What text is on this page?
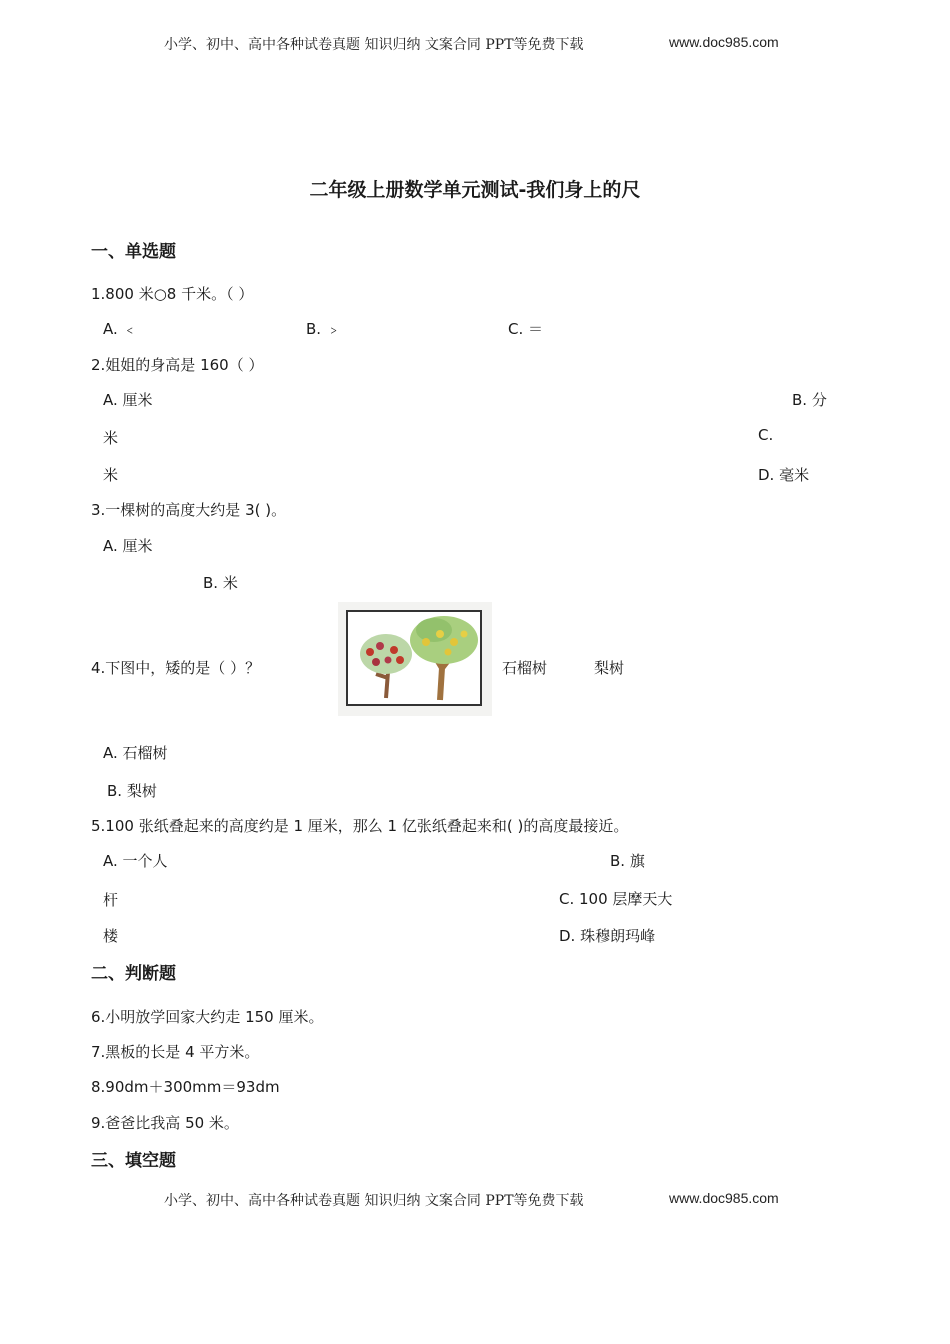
小学、初中、高中各种试卷真题 知识归纳 文案合同 PPT等免费下载	www.doc985.com
二年级上册数学单元测试-我们身上的尺
一、单选题
1.800 米○8 千米。（ ）
A. ﹤	B. ﹥	C. ＝
2.姐姐的身高是 160（ ）
A. 厘米	B. 分
米	C.
米	D. 毫米
3.一棵树的高度大约是 3( )。
A. 厘米
B. 米
4.下图中，矮的是（ ）？	石榴树	梨树
A. 石榴树
B. 梨树
5.100 张纸叠起来的高度约是 1 厘米，那么 1 亿张纸叠起来和( )的高度最接近。
A. 一个人	B. 旗
杆	C. 100 层摩天大
楼	D. 珠穆朗玛峰
二、判断题
6.小明放学回家大约走 150 厘米。
7.黑板的长是 4 平方米。
8.90dm＋300mm＝93dm
9.爸爸比我高 50 米。
三、填空题
小学、初中、高中各种试卷真题 知识归纳 文案合同 PPT等免费下载	www.doc985.com
